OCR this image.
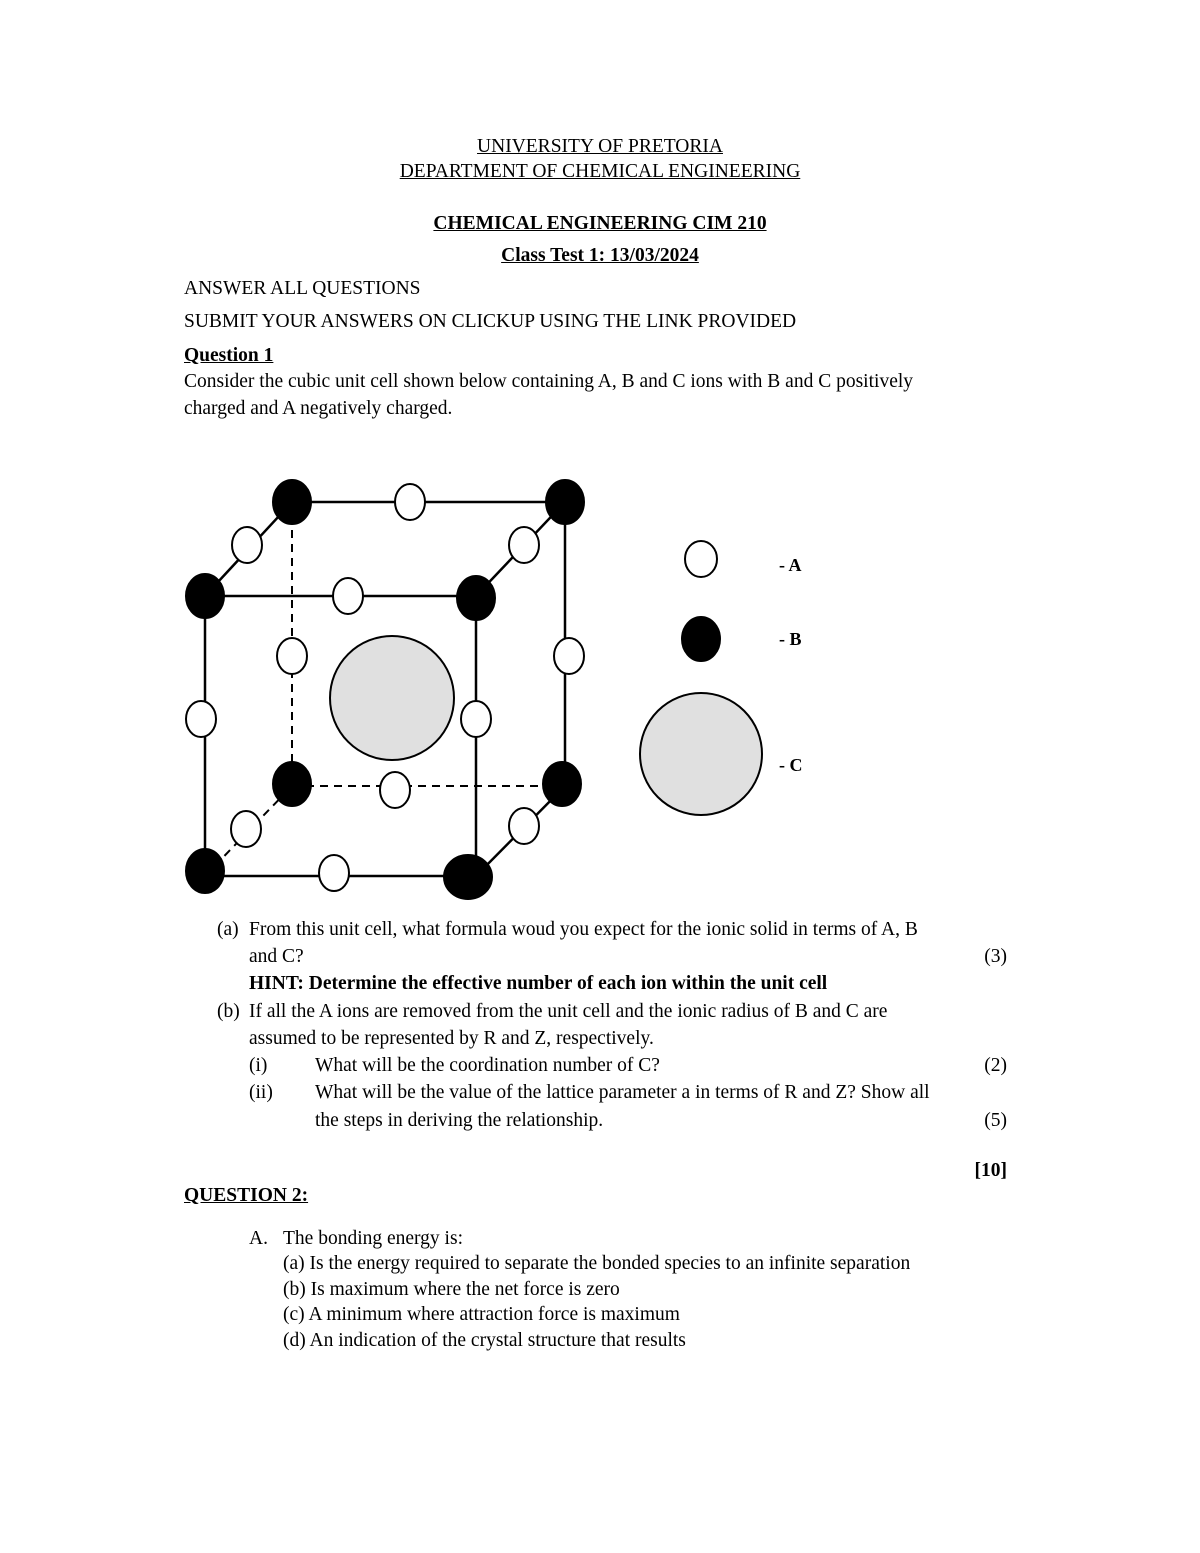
UNIVERSITY OF PRETORIA
DEPARTMENT OF CHEMICAL ENGINEERING
CHEMICAL ENGINEERING CIM 210
Class Test 1: 13/03/2024
ANSWER ALL QUESTIONS
SUBMIT YOUR ANSWERS ON CLICKUP USING THE LINK PROVIDED
Question 1
Consider the cubic unit cell shown below containing A, B and C ions with B and C positively
charged and A negatively charged.
- A
- B
- C
(a) From this unit cell, what formula woud you expect for the ionic solid in terms of A, B
and C?	(3)
HINT: Determine the effective number of each ion within the unit cell
(b) If all the A ions are removed from the unit cell and the ionic radius of B and C are
assumed to be represented by R and Z, respectively.
(i) What will be the coordination number of C?	(2)
(ii) What will be the value of the lattice parameter a in terms of R and Z? Show all
the steps in deriving the relationship.	(5)
[10]
QUESTION 2:
A. The bonding energy is:
(a) Is the energy required to separate the bonded species to an infinite separation
(b) Is maximum where the net force is zero
(c) A minimum where attraction force is maximum
(d) An indication of the crystal structure that results
